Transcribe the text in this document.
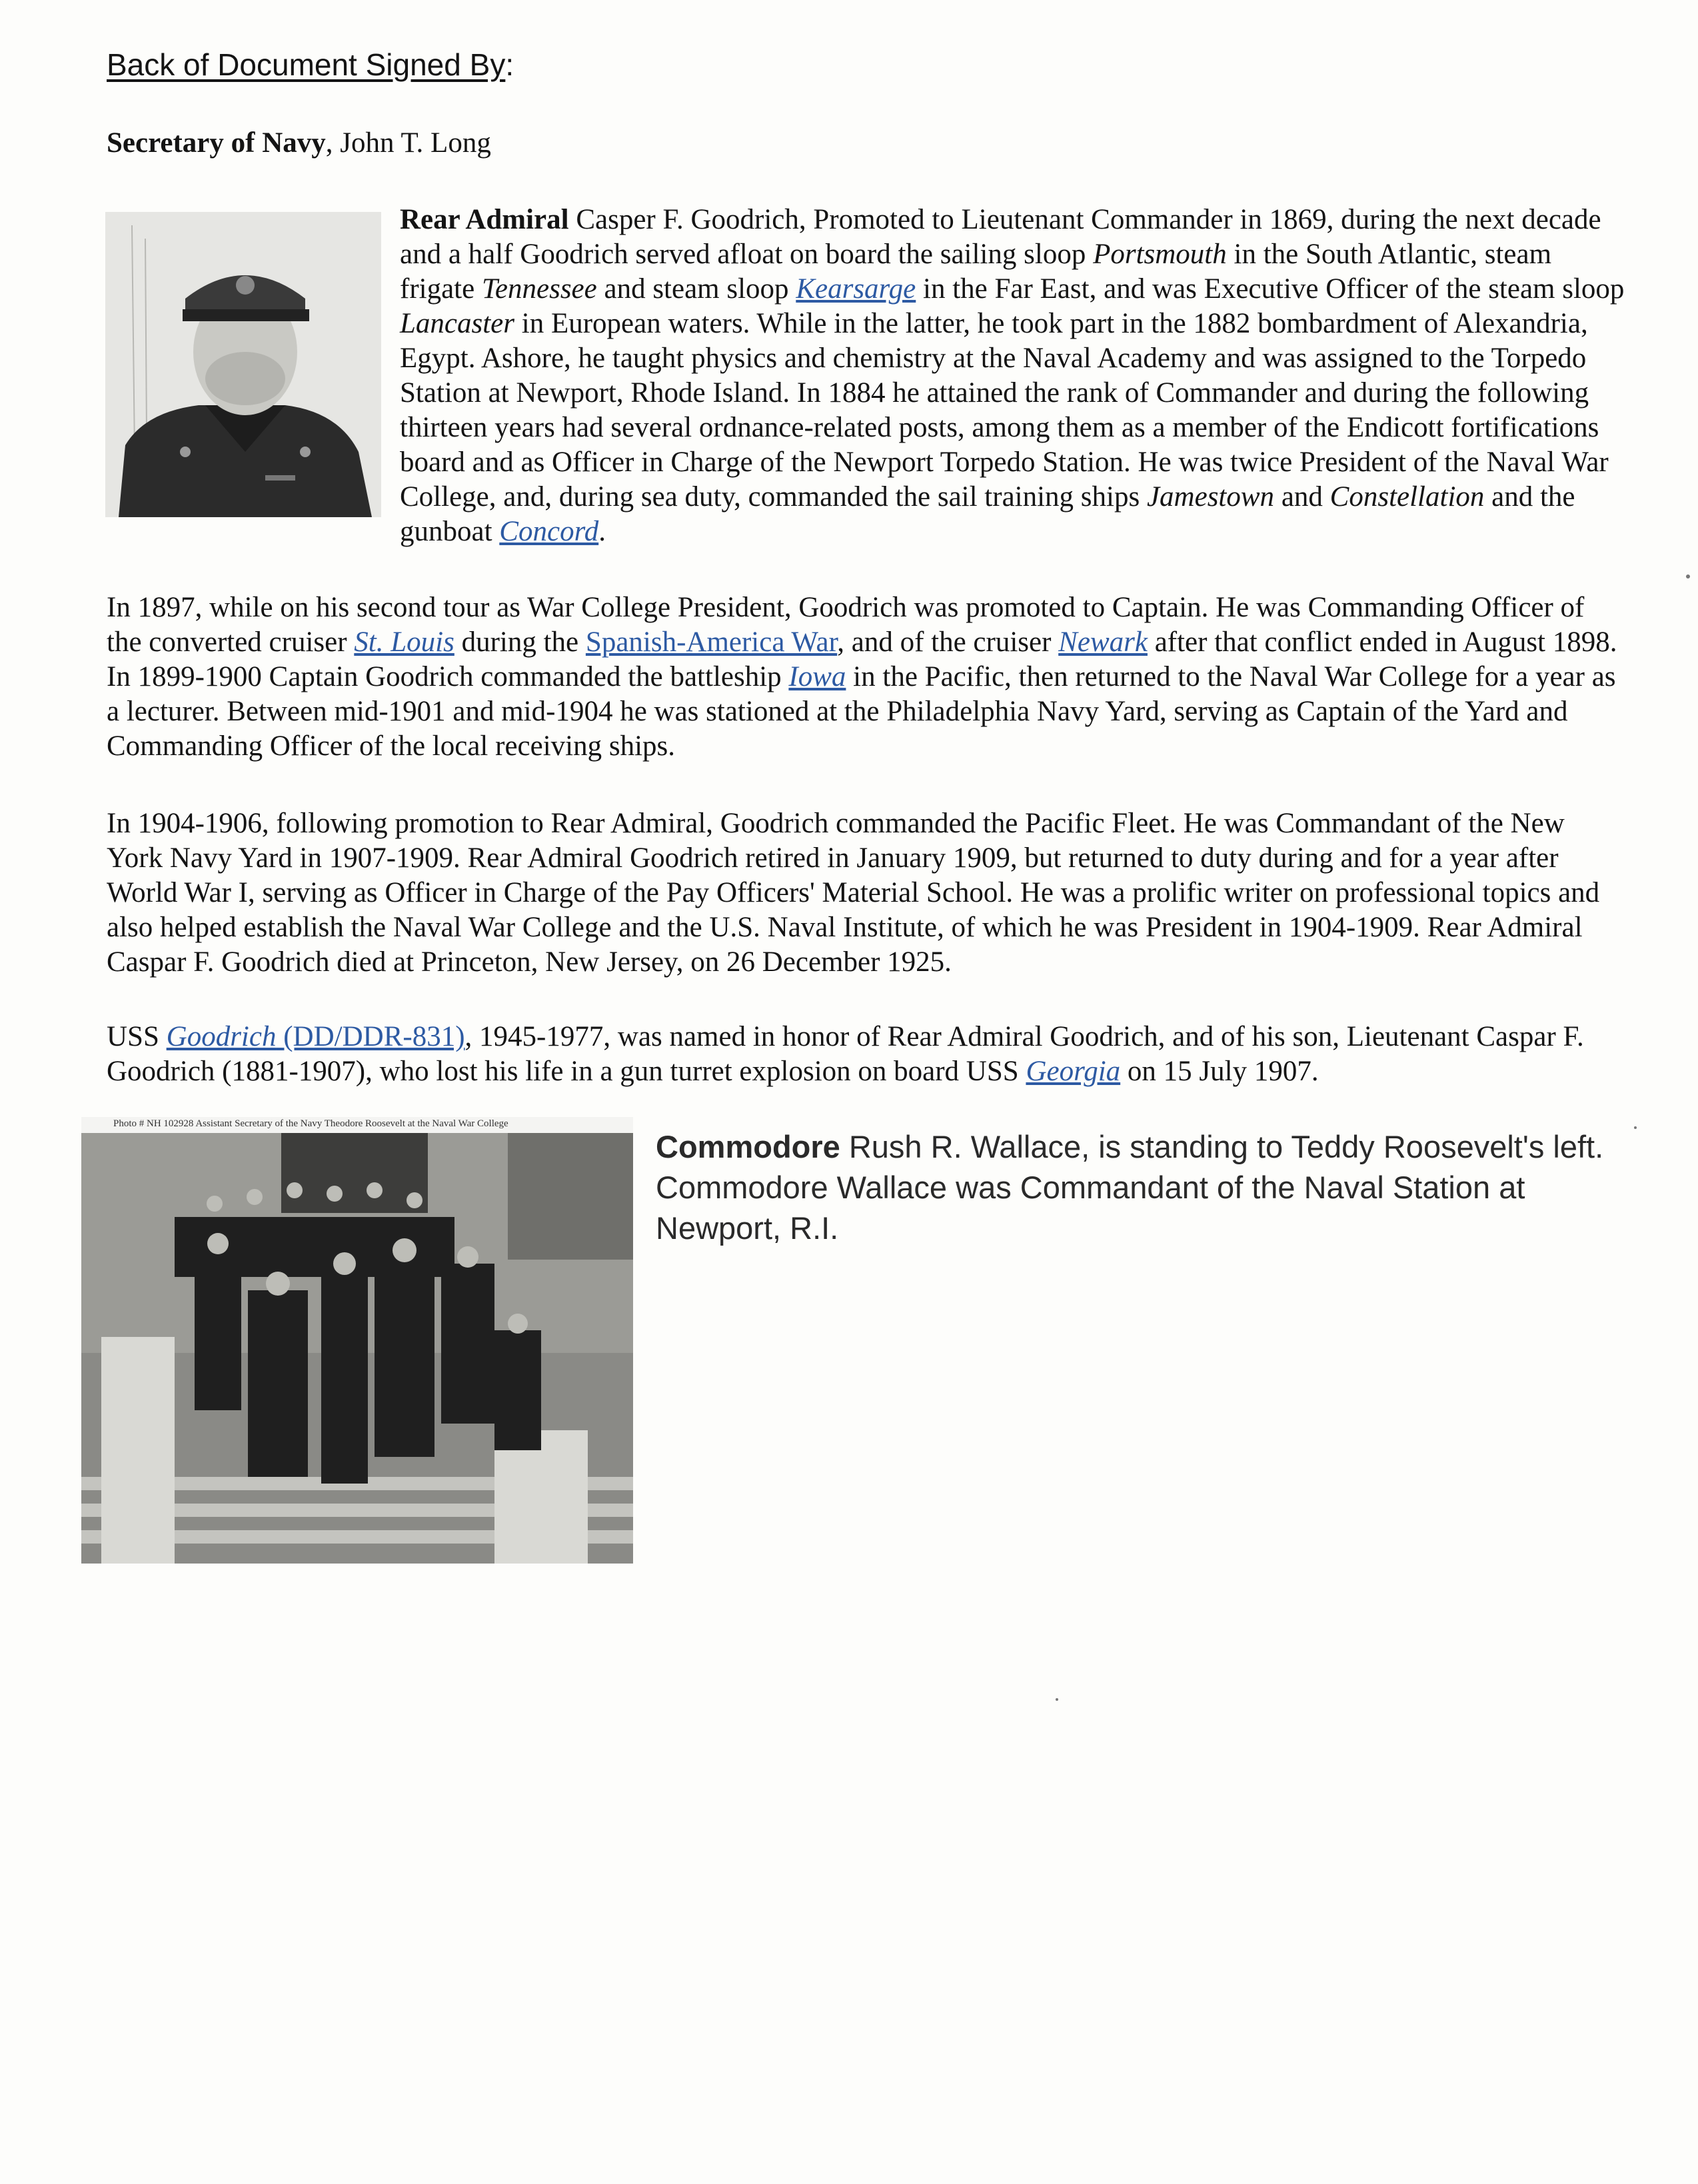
Back of Document Signed By:
Secretary of Navy, John T. Long

Rear Admiral Casper F. Goodrich, Promoted to Lieutenant Commander in 1869, during the next decade and a half Goodrich served afloat on board the sailing sloop Portsmouth in the South Atlantic, steam frigate Tennessee and steam sloop Kearsarge in the Far East, and was Executive Officer of the steam sloop Lancaster in European waters. While in the latter, he took part in the 1882 bombardment of Alexandria, Egypt. Ashore, he taught physics and chemistry at the Naval Academy and was assigned to the Torpedo Station at Newport, Rhode Island. In 1884 he attained the rank of Commander and during the following thirteen years had several ordnance-related posts, among them as a member of the Endicott fortifications board and as Officer in Charge of the Newport Torpedo Station. He was twice President of the Naval War College, and, during sea duty, commanded the sail training ships Jamestown and Constellation and the gunboat Concord.

In 1897, while on his second tour as War College President, Goodrich was promoted to Captain. He was Commanding Officer of the converted cruiser St. Louis during the Spanish-America War, and of the cruiser Newark after that conflict ended in August 1898. In 1899-1900 Captain Goodrich commanded the battleship Iowa in the Pacific, then returned to the Naval War College for a year as a lecturer. Between mid-1901 and mid-1904 he was stationed at the Philadelphia Navy Yard, serving as Captain of the Yard and Commanding Officer of the local receiving ships.

In 1904-1906, following promotion to Rear Admiral, Goodrich commanded the Pacific Fleet. He was Commandant of the New York Navy Yard in 1907-1909. Rear Admiral Goodrich retired in January 1909, but returned to duty during and for a year after World War I, serving as Officer in Charge of the Pay Officers' Material School. He was a prolific writer on professional topics and also helped establish the Naval War College and the U.S. Naval Institute, of which he was President in 1904-1909. Rear Admiral Caspar F. Goodrich died at Princeton, New Jersey, on 26 December 1925.

USS Goodrich (DD/DDR-831), 1945-1977, was named in honor of Rear Admiral Goodrich, and of his son, Lieutenant Caspar F. Goodrich (1881-1907), who lost his life in a gun turret explosion on board USS Georgia on 15 July 1907.

Photo # NH 102928 Assistant Secretary of the Navy Theodore Roosevelt at the Naval War College
Commodore Rush R. Wallace, is standing to Teddy Roosevelt's left. Commodore Wallace was Commandant of the Naval Station at Newport, R.I.
